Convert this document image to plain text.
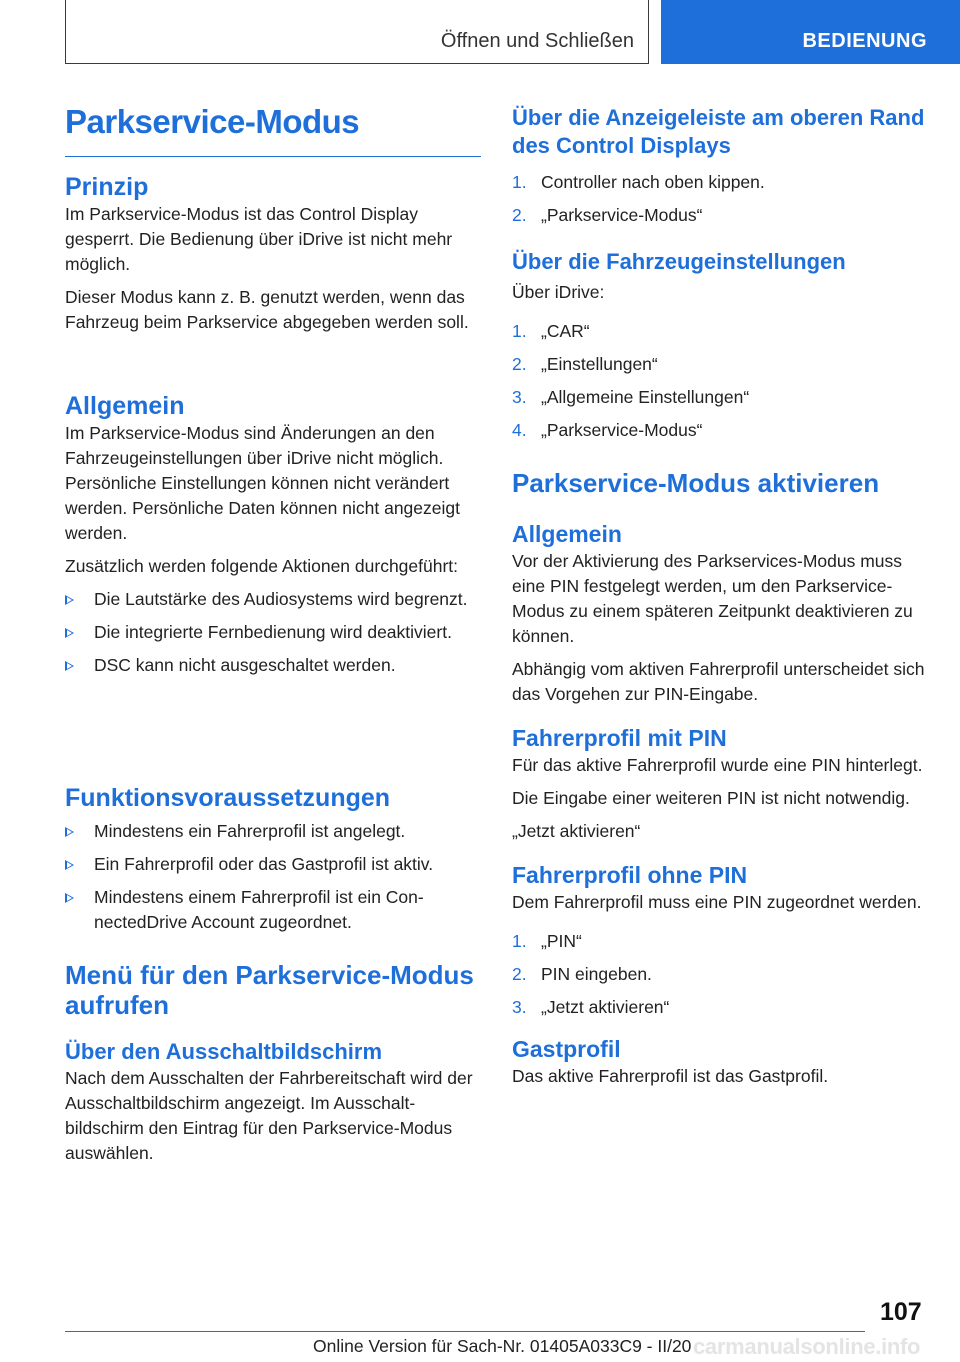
Öffnen und Schließen	BEDIENUNG
Parkservice-Modus
Prinzip

Im Parkservice-Modus ist das Control Display gesperrt. Die Bedienung über iDrive ist nicht mehr möglich.

Dieser Modus kann z. B. genutzt werden, wenn das Fahrzeug beim Parkservice abgegeben werden soll.

Allgemein

Im Parkservice-Modus sind Änderungen an den Fahrzeugeinstellungen über iDrive nicht möglich. Persönliche Einstellungen können nicht verändert werden. Persönliche Daten können nicht angezeigt werden.

Zusätzlich werden folgende Aktionen durchgeführt:

Die Lautstärke des Audiosystems wird begrenzt.
Die integrierte Fernbedienung wird deaktiviert.
DSC kann nicht ausgeschaltet werden.
Funktionsvoraussetzungen
Mindestens ein Fahrerprofil ist angelegt.
Ein Fahrerprofil oder das Gastprofil ist aktiv.
Mindestens einem Fahrerprofil ist ein ConnectedDrive Account zugeordnet.
Menü für den Parkservice-Modus aufrufen
Über den Ausschaltbildschirm

Nach dem Ausschalten der Fahrbereitschaft wird der Ausschaltbildschirm angezeigt. Im Ausschaltbildschirm den Eintrag für den Parkservice-Modus auswählen.

Über die Anzeigeleiste am oberen Rand des Control Displays
1. Controller nach oben kippen.
2. „Parkservice-Modus“
Über die Fahrzeugeinstellungen

Über iDrive:

1. „CAR“
2. „Einstellungen“
3. „Allgemeine Einstellungen“
4. „Parkservice-Modus“
Parkservice-Modus aktivieren
Allgemein

Vor der Aktivierung des Parkservices-Modus muss eine PIN festgelegt werden, um den Parkservice-Modus zu einem späteren Zeitpunkt deaktivieren zu können.

Abhängig vom aktiven Fahrerprofil unterscheidet sich das Vorgehen zur PIN-Eingabe.

Fahrerprofil mit PIN

Für das aktive Fahrerprofil wurde eine PIN hinterlegt.

Die Eingabe einer weiteren PIN ist nicht notwendig.

„Jetzt aktivieren“

Fahrerprofil ohne PIN

Dem Fahrerprofil muss eine PIN zugeordnet werden.

1. „PIN“
2. PIN eingeben.
3. „Jetzt aktivieren“
Gastprofil

Das aktive Fahrerprofil ist das Gastprofil.

107
Online Version für Sach-Nr. 01405A033C9 - II/20 carmanualsonline.info
